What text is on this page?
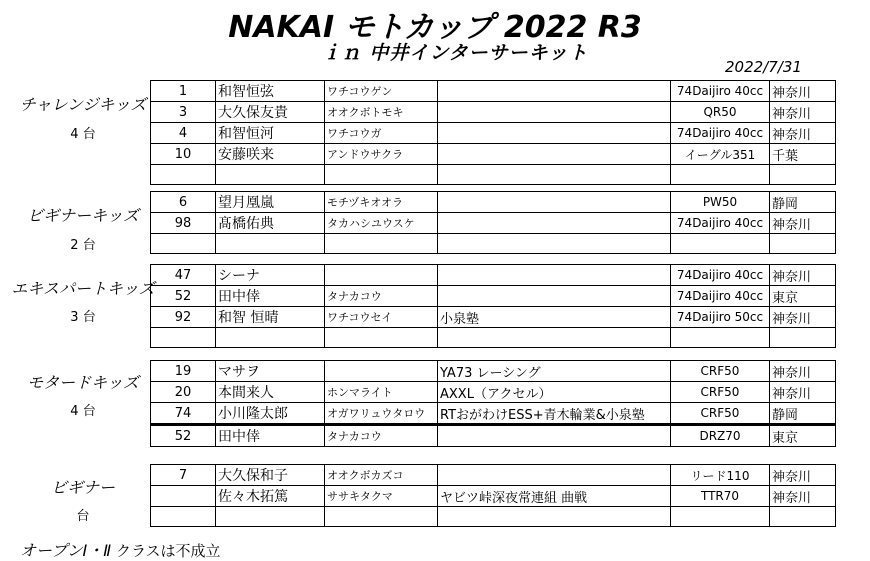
NAKAI モトカップ 2022 R3
ｉｎ 中井インターサーキット
2022/7/31
チャレンジキッズ
4 台
1	和智恒弦	ワチコウゲン		74Daijiro 40cc	神奈川
3	大久保友貴	オオクボトモキ		QR50	神奈川
4	和智恒河	ワチコウガ		74Daijiro 40cc	神奈川
10	安藤咲来	アンドウサクラ		イーグル351	千葉

ビギナーキッズ
2 台
6	望月凰嵐	モチヅキオオラ		PW50	静岡
98	髙橋佑典	タカハシユウスケ		74Daijiro 40cc	神奈川

エキスパートキッズ
3 台
47	シーナ			74Daijiro 40cc	神奈川
52	田中倖	タナカコウ		74Daijiro 40cc	東京
92	和智 恒晴	ワチコウセイ	小泉塾	74Daijiro 50cc	神奈川

モタードキッズ
4 台
19	マサヲ		YA73 レーシング	CRF50	神奈川
20	本間来人	ホンマライト	AXXL（アクセル）	CRF50	神奈川
74	小川隆太郎	オガワリュウタロウ	RTおがわけESS+青木輪業&小泉塾	CRF50	静岡
52	田中倖	タナカコウ		DRZ70	東京
ビギナー
台
7	大久保和子	オオクボカズコ		リード110	神奈川
	佐々木拓篤	ササキタクマ	ヤビツ峠深夜常連組 曲戦	TTR70	神奈川

オープンⅠ・Ⅱ クラスは不成立
